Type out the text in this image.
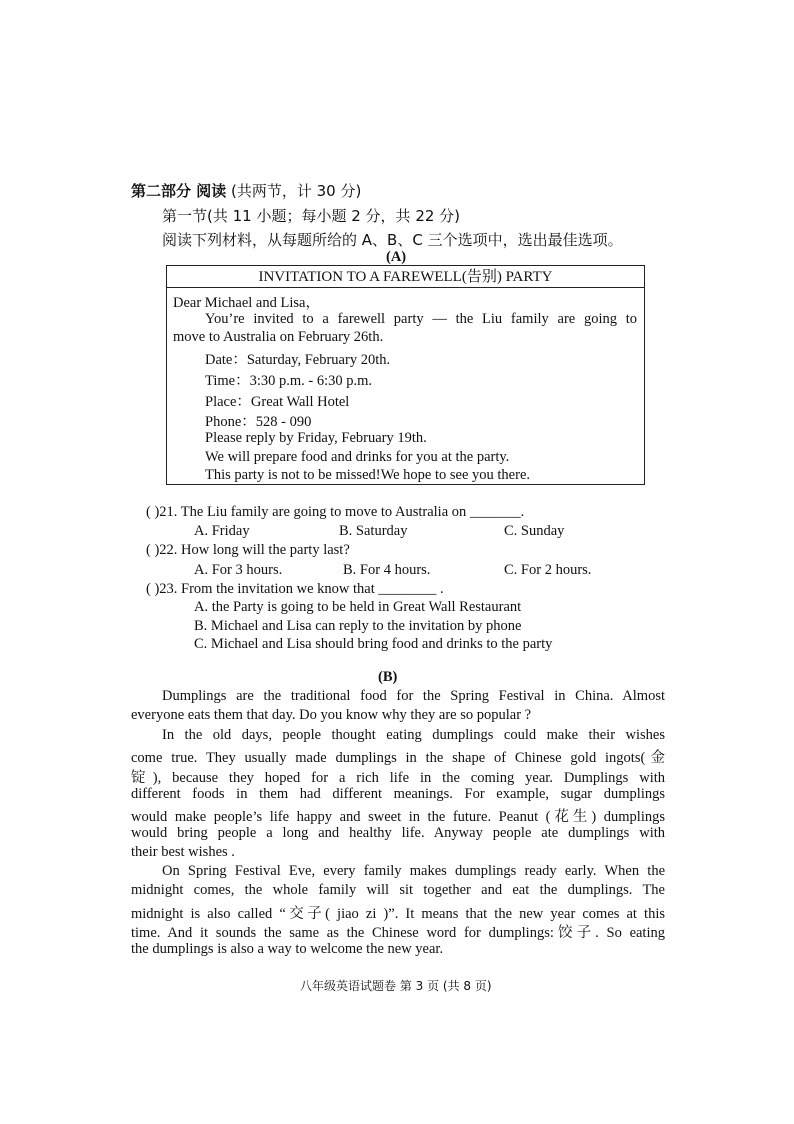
第二部分 阅读 (共两节，计 30 分)
第一节(共 11 小题；每小题 2 分，共 22 分)
阅读下列材料，从每题所给的 A、B、C 三个选项中，选出最佳选项。
(A)
INVITATION TO A FAREWELL(告别) PARTY
Dear Michael and Lisa，
You’re invited to a farewell party — the Liu family are going to
move to Australia on February 26th.
Date：Saturday, February 20th.
Time：3:30 p.m. - 6:30 p.m.
Place：Great Wall Hotel
Phone：528 - 090
Please reply by Friday, February 19th.
We will prepare food and drinks for you at the party.
This party is not to be missed!We hope to see you there.
( )21. The Liu family are going to move to Australia on _______.
A. Friday	B. Saturday	C. Sunday
( )22. How long will the party last?
A. For 3 hours.	B. For 4 hours.	C. For 2 hours.
( )23. From the invitation we know that ________ .
A. the Party is going to be held in Great Wall Restaurant
B. Michael and Lisa can reply to the invitation by phone
C. Michael and Lisa should bring food and drinks to the party
(B)
Dumplings are the traditional food for the Spring Festival in China. Almost
everyone eats them that day. Do you know why they are so popular ?
In the old days, people thought eating dumplings could make their wishes
come true. They usually made dumplings in the shape of Chinese gold ingots(金
锭), because they hoped for a rich life in the coming year. Dumplings with
different foods in them had different meanings. For example, sugar dumplings
would make people’s life happy and sweet in the future. Peanut (花生) dumplings
would bring people a long and healthy life. Anyway people ate dumplings with
their best wishes .
On Spring Festival Eve, every family makes dumplings ready early. When the
midnight comes, the whole family will sit together and eat the dumplings. The
midnight is also called “交子( jiao zi )”. It means that the new year comes at this
time. And it sounds the same as the Chinese word for dumplings:饺子. So eating
the dumplings is also a way to welcome the new year.
八年级英语试题卷 第 3 页 (共 8 页)
